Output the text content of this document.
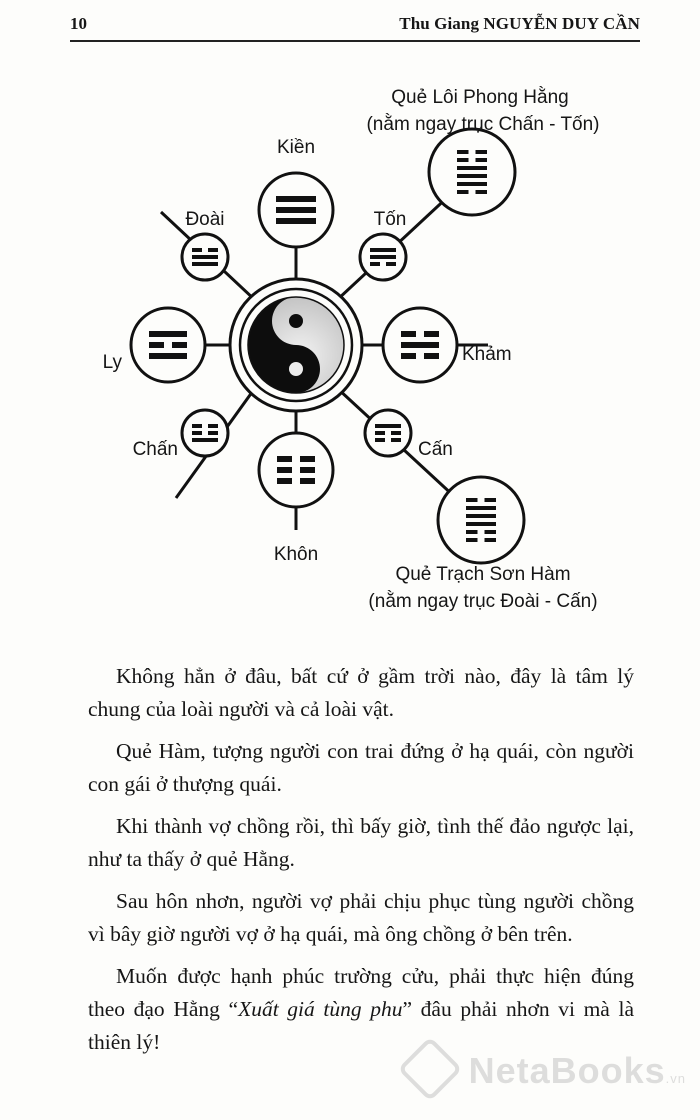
10	Thu Giang NGUYỄN DUY CẦN
Kiền
Tốn
Khảm
Cấn
Khôn
Chấn
Ly
Đoài
Quẻ Lôi Phong Hằng
(nằm ngay trục Chấn - Tốn)
Quẻ Trạch Sơn Hàm
(nằm ngay trục Đoài - Cấn)

Không hẳn ở đâu, bất cứ ở gầm trời nào, đây là tâm lý chung của loài người và cả loài vật.

Quẻ Hàm, tượng người con trai đứng ở hạ quái, còn người con gái ở thượng quái.

Khi thành vợ chồng rồi, thì bấy giờ, tình thế đảo ngược lại, như ta thấy ở quẻ Hằng.

Sau hôn nhơn, người vợ phải chịu phục tùng người chồng vì bây giờ người vợ ở hạ quái, mà ông chồng ở bên trên.

Muốn được hạnh phúc trường cửu, phải thực hiện đúng theo đạo Hằng “Xuất giá tùng phu” đâu phải nhơn vi mà là thiên lý!

NetaBooks.vn
